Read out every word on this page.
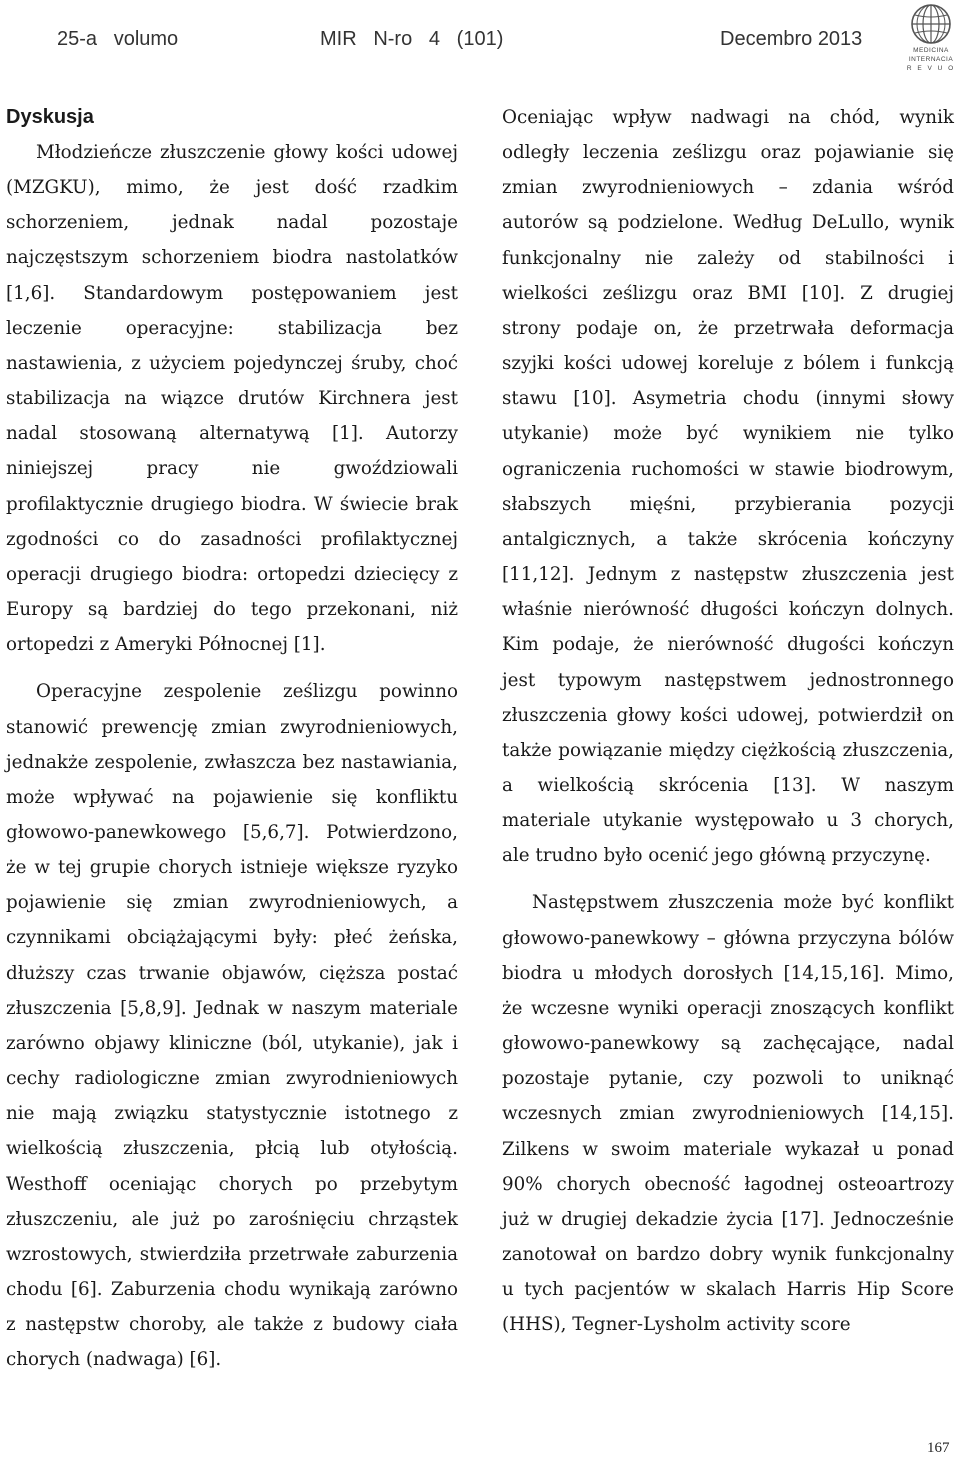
25-a   volumo	MIR   N-ro   4   (101)	Decembro 2013
MEDICINA
INTERNACIA
R E V U O
Dyskusja

Młodzieńcze złuszczenie głowy kości udowej (MZGKU), mimo, że jest dość rzadkim schorzeniem, jednak nadal pozostaje najczęstszym schorzeniem biodra nastolatków [1,6]. Standardowym postępowaniem jest leczenie operacyjne: stabilizacja bez nastawienia, z użyciem pojedynczej śruby, choć stabilizacja na wiązce drutów Kirchnera jest nadal stosowaną alternatywą [1]. Autorzy niniejszej pracy nie gwoździowali profilaktycznie drugiego biodra. W świecie brak zgodności co do zasadności profilaktycznej operacji drugiego biodra: ortopedzi dziecięcy z Europy są bardziej do tego przekonani, niż ortopedzi z Ameryki Północnej [1].

Operacyjne zespolenie ześlizgu powinno stanowić prewencję zmian zwyrodnieniowych, jednakże zespolenie, zwłaszcza bez nastawiania, może wpływać na pojawienie się konfliktu głowowo-panewkowego [5,6,7]. Potwierdzono, że w tej grupie chorych istnieje większe ryzyko pojawienie się zmian zwyrodnieniowych, a czynnikami obciążającymi były: płeć żeńska, dłuższy czas trwanie objawów, cięższa postać złuszczenia [5,8,9]. Jednak w naszym materiale zarówno objawy kliniczne (ból, utykanie), jak i cechy radiologiczne zmian zwyrodnieniowych nie mają związku statystycznie istotnego z wielkością złuszczenia, płcią lub otyłością. Westhoff oceniając chorych po przebytym złuszczeniu, ale już po zarośnięciu chrząstek wzrostowych, stwierdziła przetrwałe zaburzenia chodu [6]. Zaburzenia chodu wynikają zarówno z następstw choroby, ale także z budowy ciała chorych (nadwaga) [6].

Oceniając wpływ nadwagi na chód, wynik odległy leczenia ześlizgu oraz pojawianie się zmian zwyrodnieniowych – zdania wśród autorów są podzielone. Według DeLullo, wynik funkcjonalny nie zależy od stabilności i wielkości ześlizgu oraz BMI [10]. Z drugiej strony podaje on, że przetrwała deformacja szyjki kości udowej koreluje z bólem i funkcją stawu [10]. Asymetria chodu (innymi słowy utykanie) może być wynikiem nie tylko ograniczenia ruchomości w stawie biodrowym, słabszych mięśni, przybierania pozycji antalgicznych, a także skrócenia kończyny [11,12]. Jednym z następstw złuszczenia jest właśnie nierówność długości kończyn dolnych. Kim podaje, że nierówność długości kończyn jest typowym następstwem jednostronnego złuszczenia głowy kości udowej, potwierdził on także powiązanie między ciężkością złuszczenia, a wielkością skrócenia [13]. W naszym materiale utykanie występowało u 3 chorych, ale trudno było ocenić jego główną przyczynę.

Następstwem złuszczenia może być konflikt głowowo-panewkowy – główna przyczyna bólów biodra u młodych dorosłych [14,15,16]. Mimo, że wczesne wyniki operacji znoszących konflikt głowowo-panewkowy są zachęcające, nadal pozostaje pytanie, czy pozwoli to uniknąć wczesnych zmian zwyrodnieniowych [14,15]. Zilkens w swoim materiale wykazał u ponad 90% chorych obecność łagodnej osteoartrozy już w drugiej dekadzie życia [17]. Jednocześnie zanotował on bardzo dobry wynik funkcjonalny u tych pacjentów w skalach Harris Hip Score (HHS), Tegner-Lysholm activity score

167
